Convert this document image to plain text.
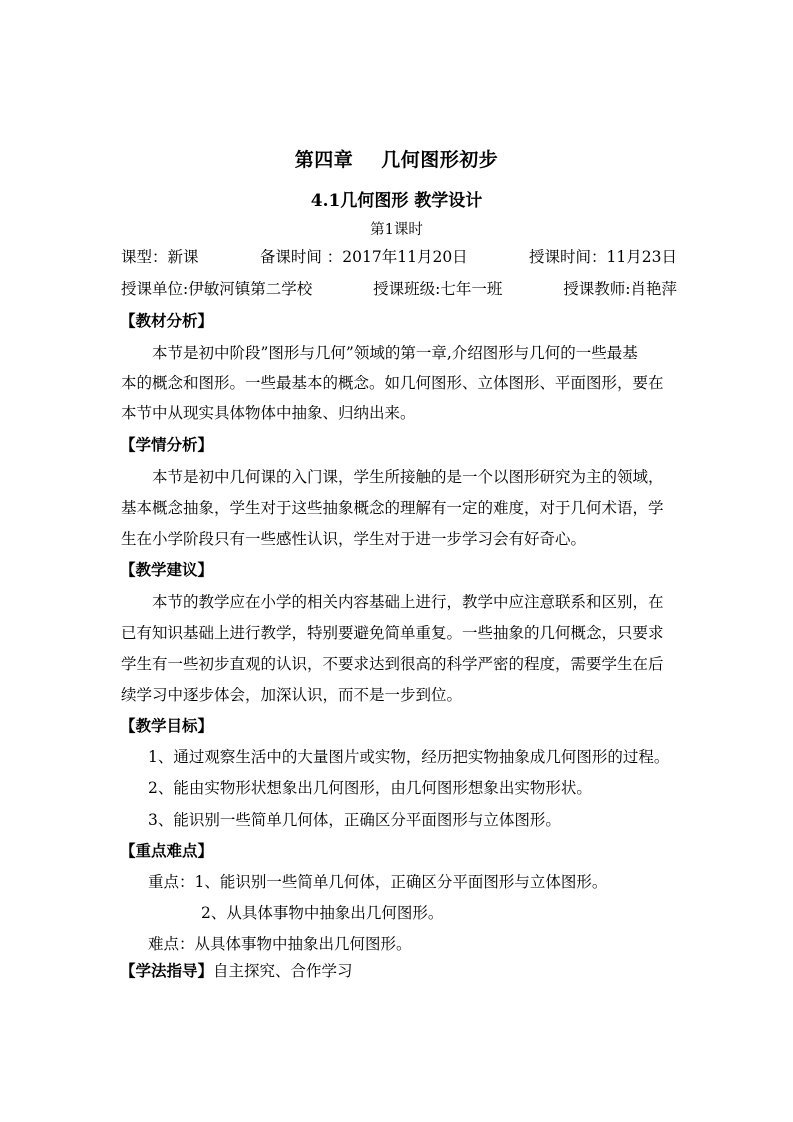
第四章 几何图形初步
4.1几何图形 教学设计
第1课时
课型：新课	备课时间 ：2017年11月20日	授课时间：11月23日
授课单位:伊敏河镇第二学校	授课班级:七年一班	授课教师:肖艳萍
【教材分析】
本节是初中阶段”图形与几何”领域的第一章,介绍图形与几何的一些最基
本的概念和图形。一些最基本的概念。如几何图形、立体图形、平面图形，要在
本节中从现实具体物体中抽象、归纳出来。
【学情分析】
本节是初中几何课的入门课，学生所接触的是一个以图形研究为主的领域，
基本概念抽象，学生对于这些抽象概念的理解有一定的难度，对于几何术语，学
生在小学阶段只有一些感性认识，学生对于进一步学习会有好奇心。
【教学建议】
本节的教学应在小学的相关内容基础上进行，教学中应注意联系和区别，在
已有知识基础上进行教学，特别要避免简单重复。一些抽象的几何概念，只要求
学生有一些初步直观的认识，不要求达到很高的科学严密的程度，需要学生在后
续学习中逐步体会，加深认识，而不是一步到位。
【教学目标】
1、通过观察生活中的大量图片或实物，经历把实物抽象成几何图形的过程。
2、能由实物形状想象出几何图形，由几何图形想象出实物形状。
3、能识别一些简单几何体，正确区分平面图形与立体图形。
【重点难点】
重点：1、能识别一些简单几何体，正确区分平面图形与立体图形。
2、从具体事物中抽象出几何图形。
难点：从具体事物中抽象出几何图形。
【学法指导】自主探究、合作学习
